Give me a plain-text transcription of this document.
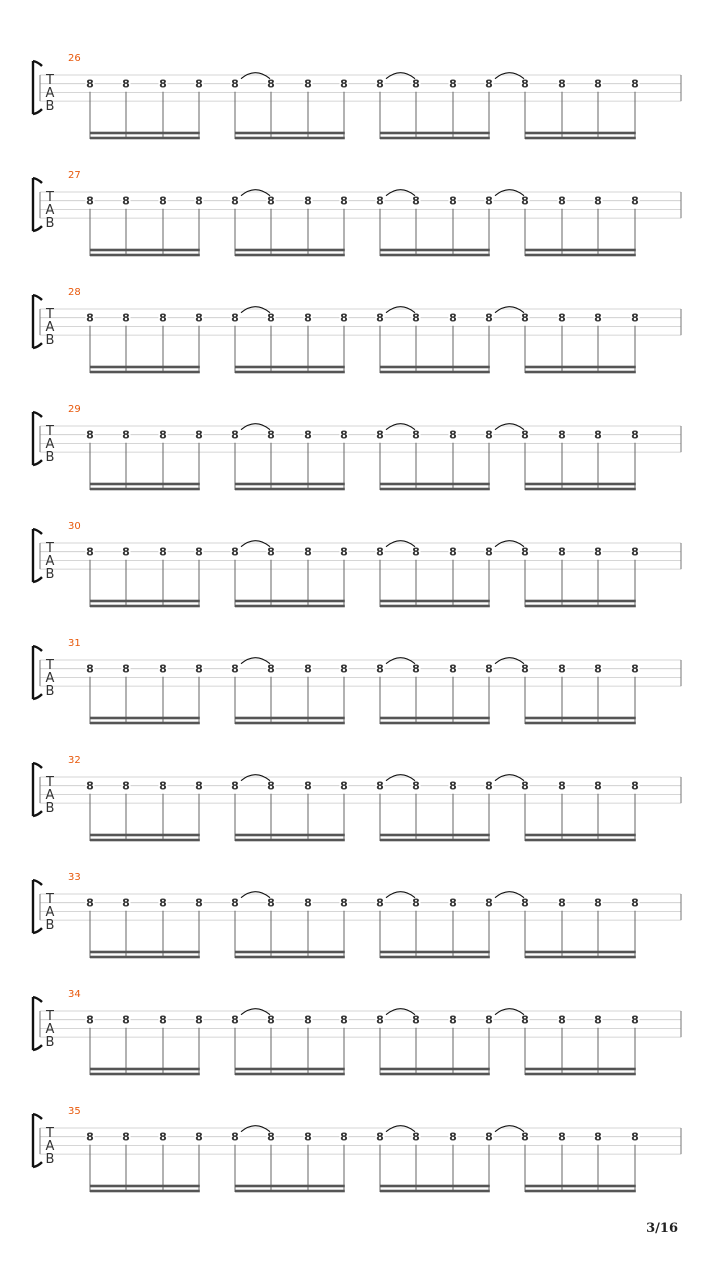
T
A
B
26
8	8	8	8	8	8	8	8	8	8	8	8	8	8	8	8
T
A
B
27
8	8	8	8	8	8	8	8	8	8	8	8	8	8	8	8
T
A
B
28
8	8	8	8	8	8	8	8	8	8	8	8	8	8	8	8
T
A
B
29
8	8	8	8	8	8	8	8	8	8	8	8	8	8	8	8
T
A
B
30
8	8	8	8	8	8	8	8	8	8	8	8	8	8	8	8
T
A
B
31
8	8	8	8	8	8	8	8	8	8	8	8	8	8	8	8
T
A
B
32
8	8	8	8	8	8	8	8	8	8	8	8	8	8	8	8
T
A
B
33
8	8	8	8	8	8	8	8	8	8	8	8	8	8	8	8
T
A
B
34
8	8	8	8	8	8	8	8	8	8	8	8	8	8	8	8
T
A
B
35
8	8	8	8	8	8	8	8	8	8	8	8	8	8	8	8
3/16
